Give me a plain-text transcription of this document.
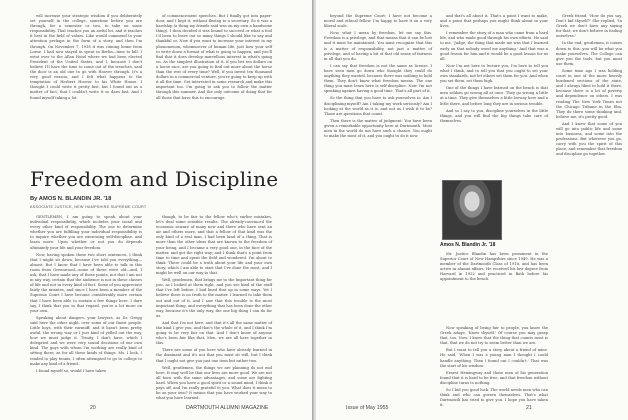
will increase your strategic wisdom if you deliberately set yourself in the college, sometime before you are through, for a semester or two, to take on some responsibility. That teaches you an awful lot, and it teaches it best in the field of values. Like would commend to your attention perhaps in the form of a story, and then I'm through. On November 7, 1918 it was coming home from Lorne. I had now stayed in spent in Berlin—time to kill. I went over to the Allan Hotel where we had been elected President of the United States, and I, because I don't believe I'll have the time to come out of the trenches, said the door is an old one to go with Hoover through. It's a very good reason, and I felt what happens to the temptation of Herbert Hoover to his White House. I thought I could write it pretty fast, but I found out as a matter of fact, that I couldn't write it so darn fast. And I found myself taking a lot

of commencement speeches. But I finally got into paper-door, and I kept it, without fleeing to a secretary. So it was a hardship (a thing my friends said was on my own a handsome thing). I then decided it was bound to succeed or what a fool I'd been to leave out so many things I should like to say and thankful or. Now if you want to increase your interest in my phenomenon, whomsoever of human life, just how your self to write down a format of what is going to happen, and you'll find that it does develop marvellous interest in what's going on. As the simplest illustration of it, if you bet ten dollars on a horse race, are you going to find out more about the horse than the rest of every time? Well, if you invest ten thousand dollars in a commercial venture, you're going to keep up with it all the time. Get interested in some research and make this important too. I'm going to ask you to follow the matter through this summer. And the only outcome of doing that for all those that have this to encourage.

Freedom and Discipline
By AMOS N. BLANDIN JR. '18
ASSOCIATE JUSTICE, NEW HAMPSHIRE SUPREME COURT

GENTLEMEN, I am going to speak about your individual responsibility, which includes your social and every other kind of responsibility. The one to determine whether you are fulfilling your individual responsibility is to inquire whether you are exercising self-discipline, and learn more. Upon whether or not you do depends ultimately your life and your freedom.

Now, having spoken these two short sentences, I think that I might sit down, because I've told you everything—almost. But I know that I have been able to talk in this room from Greenwood—some of these were old—and, I ask, that I have made any of these points, not that I am not in any way, certain that the audience is not in these classes of life and not in every kind of fact. Some of you appreciate fairly the minutes, and since I have been a member of the Supreme Court I have become considerably more certain that I have been able to sustain a few things here. I dare say, I think that you in that regard, you're a lot more on your own.

Speaking about dangers, your lawyers, as Dr. Gregg said here the other night, over some of our finest people. Little boys, with their earmuff, and it hasn't been pretty awful, the wrong way or I just kind of yelled out the way, how we must judge it. Trinity, I don't have, which I delegated and we were very sound decisions of our own kind. The guys with whom I'm working are really kind of sitting there, as for all these kinds of things. Ms. I look, I tended to play tennis, I often attempted to go to college to make any kind of a friend.

I found myself so, would I have taken

though, to be fair to the fellow who's earlier mistakes, let's deal some sensible results. The already-convinced the economic seizure of many now and there who have sent an air and others more, and that a fellow of that kind was the only kind of a real man. I had been kind of a thing. That is more than the other ideas that are known to the freedom of your being, and I became a very good one, in the face of the matter, and got the right way; and I think that's a point from time to time and spent the field and wondered. I'm about to think 'There could be a truth about your life and your own story, which I am able to start that I've done the most, and I might be well on our way to that.

Well, gentlemen, that brings me to the Important thing for you, as I looked at them right, and you see kind of the stuff that I've left before. I had lined that up in some ways. Yet I believe there is no truth to the matter. I learned to take them out and out of it, and I saw that this trouble is the most important thing, and everything that has been done the other way, because it's the only way, the one big thing I can do for us.

And that I'm not here, and that it's all the same matter of the kind I give you, and that's the whole of it, and I think I'm going to be very fair on that. And I don't know of anyone who's been fair like that. Men, we are all here together in this.

There are some of you here who have already learned in the dominant and it's not that you must sit still, but I think that I ought not give you just one item but rather two.

Well, gentlemen, the things we are planning do not end here. It may well be that our lives are more good. We are not all born with the same advantages, and some are fighting hard. When you have a good spirit or a sound mind, I think it pays off, and I'm really grateful to you. What does it mean to be on your own? It means that you have worked your way to what you have learned.

20	DARTMOUTH ALUMNI MAGAZINE

beyond the Supreme Court; I have not become a moral and ethical fellow. I'm happy to have it on a very liberal scale.

Now, what I mean by freedom, let me say this. Freedom is a privilege, and that means that it can be lost and it must be maintained. You must recognize that this is a matter of responsibility, not just a matter of privilege, and of having a bit of that old sense of fairness in all that you do.

I can say that freedom is not the same as license. I have seen men go down who thought they could do anything they wanted, because there was nothing to hold them. They don't know what freedom means. The one thing you must learn here is self-discipline. Now I'm not speaking against having a good time. That's all part of it.

So the thing that you have to ask yourselves is: Am I disciplining myself? Am I taking my work seriously? Am I looking at the world as it is, and not as I wish it to be? Those are questions that count.

Then there is the matter of judgment. You have been given a remarkable opportunity here at Dartmouth. Most men in the world do not have such a chance. You ought to make the most of it, and you ought to do it now.

and that's all about it. That's a point I want to make, and a point that perhaps you might think about in your lives.

I remember the story of a man who came from a hard life, and who made good through his own efforts. He said to me, 'Judge, the thing that made me was that I learned early on that nobody owed me anything.' And that was a good lesson for him and it would be a good lesson for us all.

Now I'm not here to lecture you. I'm here to tell you what I think, and to tell you that you ought to set your own standards, not let others set them for you. And when you set them, set them high.

One of the things I have learned on the bench is that men seldom go wrong all at once. They go wrong a little at a time. They give themselves a little leeway here and a little there, and before long they are in serious trouble.

And so I say to you, discipline yourselves in the little things, and you will find the big things take care of themselves.

Amos N. Blandin Jr. '18

Mr. Justice Blandin has been prominent in the Superior Court of New Hampshire since 1949. He was a member of the Dartmouth Class of 1918, and has been active in alumni affairs. He received his law degree from Harvard in 1922 and practiced in Bath before his appointment to the bench.

Now speaking of being fair to people, you know the Greek adage, 'Know thyself.' Of course you may grasp that, too. Now, I know that the thing that counts most is that, that we do not try to seem better than we are.

But I want to tell you a story about a friend of mine. He said, 'When I was a young man I thought I could handle anything. Then I found out I couldn't.' That was the start of his wisdom.

Ernest Hemingway and those men of his generation found that it is hard to be free, and that freedom without discipline turns to nothing.

So I bid you good luck. The world needs men who can think and who can govern themselves. That's what Dartmouth has tried to give you. I hope you have taken it.

Greek friend. 'How do you say, Don't kid thyself?' She replied, 'In Greek we don't have any saying for that; we don't believe in fooling ourselves.'

In the end, gentlemen, it comes down to this: you will be what you make yourselves. The College can give you the tools, but you must use them.

Some time ago I was holding court in one of the more heavily burdened sections of the state, and I always liked to hold it there, because there is a lot of poverty and dependence on others. I was reading The New York Times not the Chicago Tribune in the Elm. They do there some thinking and, believe me, it's pretty good.

And I know that some of you will go into public life and some into business, and some into the professions. But wherever you go, carry with you the spirit of this place, and remember that freedom and discipline go together.

Issue of May 1955	21
